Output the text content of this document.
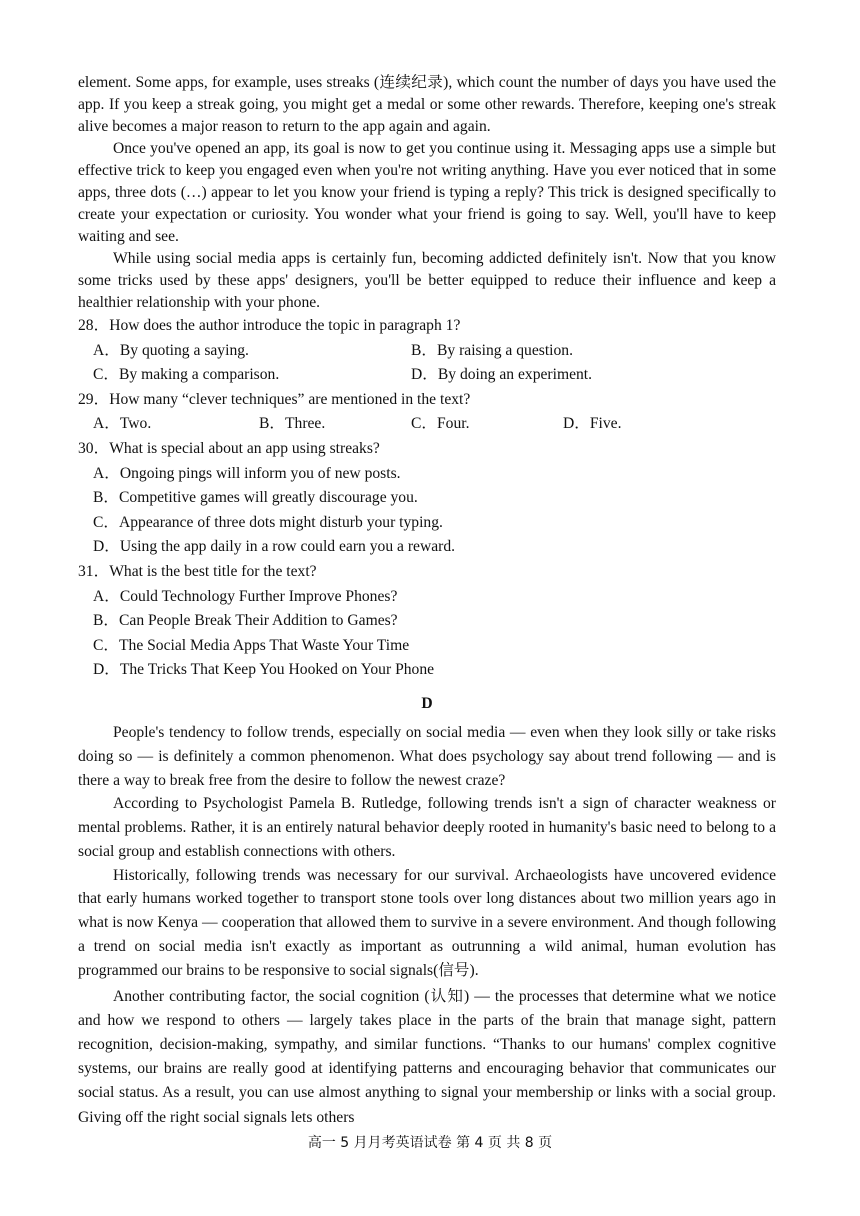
element. Some apps, for example, uses streaks (连续纪录), which count the number of days you have used the app. If you keep a streak going, you might get a medal or some other rewards. Therefore, keeping one's streak alive becomes a major reason to return to the app again and again.

Once you've opened an app, its goal is now to get you continue using it. Messaging apps use a simple but effective trick to keep you engaged even when you're not writing anything. Have you ever noticed that in some apps, three dots (…) appear to let you know your friend is typing a reply? This trick is designed specifically to create your expectation or curiosity. You wonder what your friend is going to say. Well, you'll have to keep waiting and see.

While using social media apps is certainly fun, becoming addicted definitely isn't. Now that you know some tricks used by these apps' designers, you'll be better equipped to reduce their influence and keep a healthier relationship with your phone.

28．How does the author introduce the topic in paragraph 1?

A．By quoting a saying.	B．By raising a question.
C．By making a comparison.	D．By doing an experiment.

29．How many “clever techniques” are mentioned in the text?

A．Two.	B．Three.	C．Four.	D．Five.

30．What is special about an app using streaks?

A．Ongoing pings will inform you of new posts.

B．Competitive games will greatly discourage you.

C．Appearance of three dots might disturb your typing.

D．Using the app daily in a row could earn you a reward.

31．What is the best title for the text?

A．Could Technology Further Improve Phones?

B．Can People Break Their Addition to Games?

C．The Social Media Apps That Waste Your Time

D．The Tricks That Keep You Hooked on Your Phone

D

People's tendency to follow trends, especially on social media — even when they look silly or take risks doing so — is definitely a common phenomenon. What does psychology say about trend following — and is there a way to break free from the desire to follow the newest craze?

According to Psychologist Pamela B. Rutledge, following trends isn't a sign of character weakness or mental problems. Rather, it is an entirely natural behavior deeply rooted in humanity's basic need to belong to a social group and establish connections with others.

Historically, following trends was necessary for our survival. Archaeologists have uncovered evidence that early humans worked together to transport stone tools over long distances about two million years ago in what is now Kenya — cooperation that allowed them to survive in a severe environment. And though following a trend on social media isn't exactly as important as outrunning a wild animal, human evolution has programmed our brains to be responsive to social signals(信号).

Another contributing factor, the social cognition (认知) — the processes that determine what we notice and how we respond to others — largely takes place in the parts of the brain that manage sight, pattern recognition, decision-making, sympathy, and similar functions. “Thanks to our humans' complex cognitive systems, our brains are really good at identifying patterns and encouraging behavior that communicates our social status. As a result, you can use almost anything to signal your membership or links with a social group. Giving off the right social signals lets others

高一 5 月月考英语试卷 第 4 页 共 8 页
